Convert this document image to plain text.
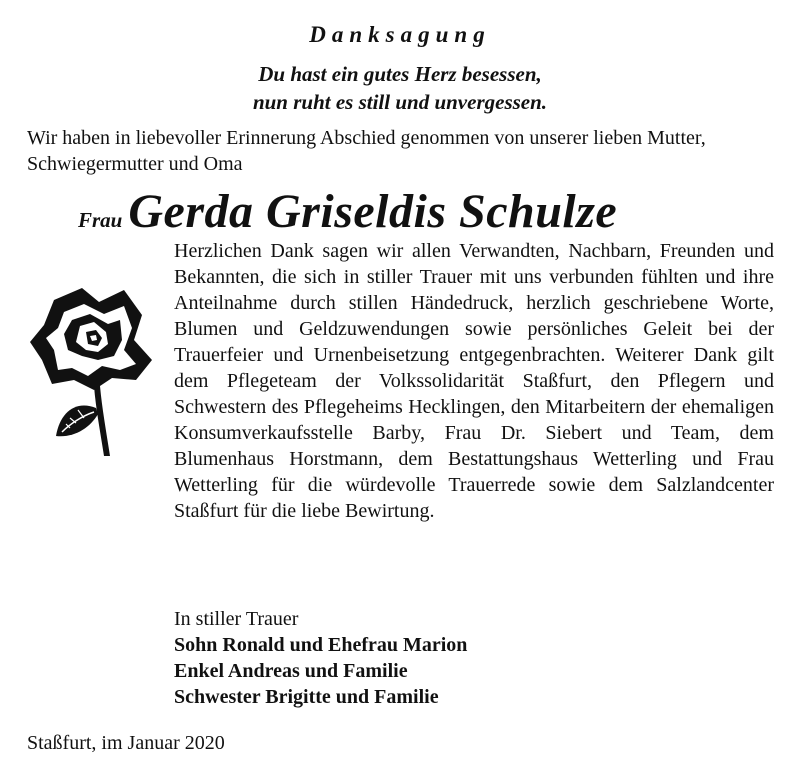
Danksagung
Du hast ein gutes Herz besessen,
nun ruht es still und unvergessen.
Wir haben in liebevoller Erinnerung Abschied genommen von unserer lieben Mutter, Schwiegermutter und Oma
Frau Gerda Griseldis Schulze

Herzlichen Dank sagen wir allen Verwandten, Nachbarn, Freunden und Bekannten, die sich in stiller Trauer mit uns verbunden fühlten und ihre Anteilnahme durch stillen Händedruck, herzlich geschriebene Worte, Blumen und Geldzuwendungen sowie persönliches Geleit bei der Trauerfeier und Urnenbeisetzung entgegenbrachten. Weiterer Dank gilt dem Pflegeteam der Volkssolidarität Staßfurt, den Pflegern und Schwestern des Pflegeheims Hecklingen, den Mitarbeitern der ehemaligen Konsumverkaufsstelle Barby, Frau Dr. Siebert und Team, dem Blumenhaus Horstmann, dem Bestattungshaus Wetterling und Frau Wetterling für die würdevolle Trauerrede sowie dem Salzlandcenter Staßfurt für die liebe Bewirtung.

In stiller Trauer
Sohn Ronald und Ehefrau Marion
Enkel Andreas und Familie
Schwester Brigitte und Familie
Staßfurt, im Januar 2020
